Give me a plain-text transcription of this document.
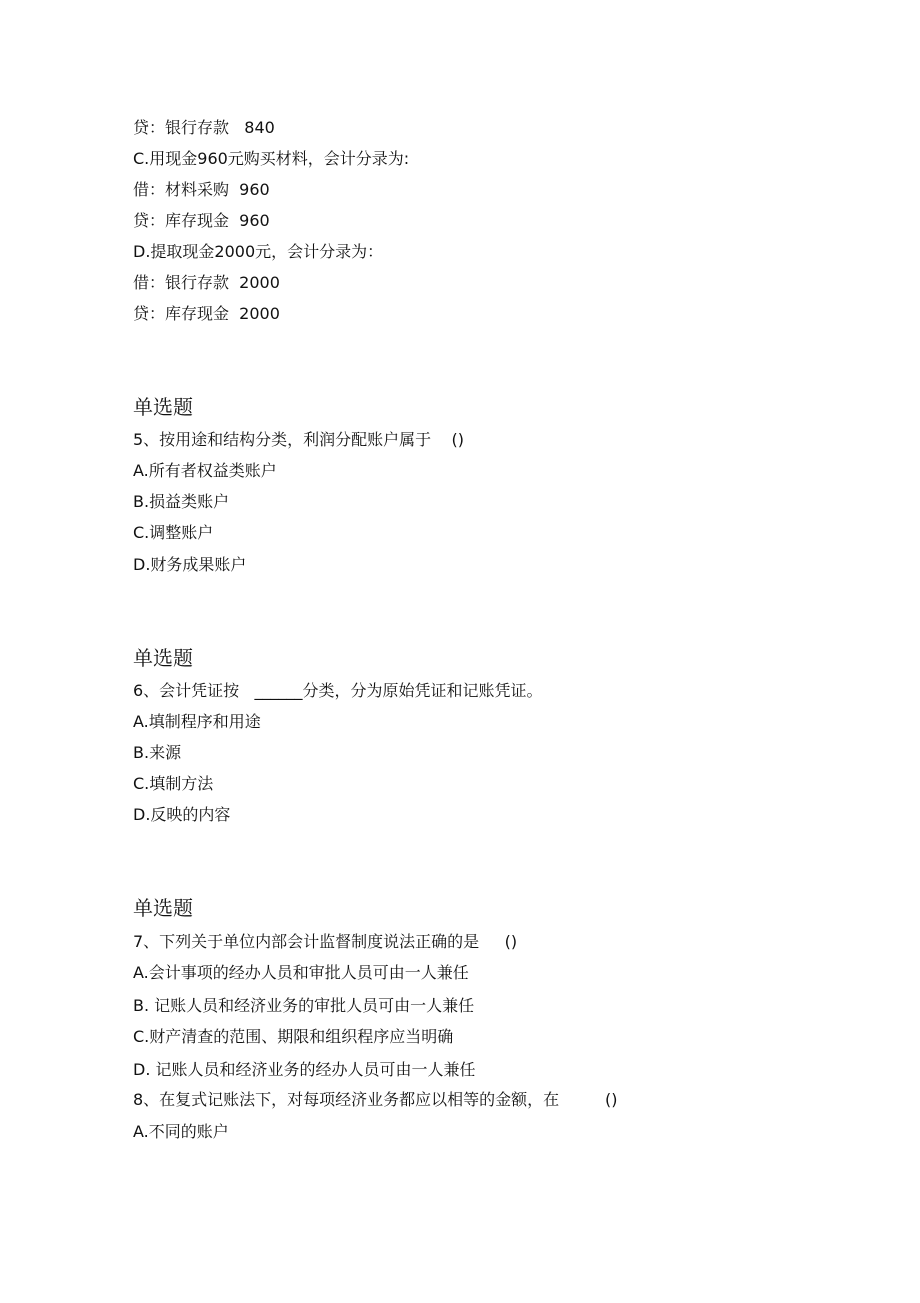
贷：银行存款   840

C.用现金960元购买材料，会计分录为:

借：材料采购  960

贷：库存现金  960

D.提取现金2000元，会计分录为：

借：银行存款  2000

贷：库存现金  2000

单选题

5、按用途和结构分类，利润分配账户属于    ()

A.所有者权益类账户

B.损益类账户

C.调整账户

D.财务成果账户

单选题

6、会计凭证按   ______分类，分为原始凭证和记账凭证。

A.填制程序和用途

B.来源

C.填制方法

D.反映的内容

单选题

7、下列关于单位内部会计监督制度说法正确的是     ()

A.会计事项的经办人员和审批人员可由一人兼任

B. 记账人员和经济业务的审批人员可由一人兼任

C.财产清查的范围、期限和组织程序应当明确

D. 记账人员和经济业务的经办人员可由一人兼任

8、在复式记账法下，对每项经济业务都应以相等的金额，在         ()

A.不同的账户
